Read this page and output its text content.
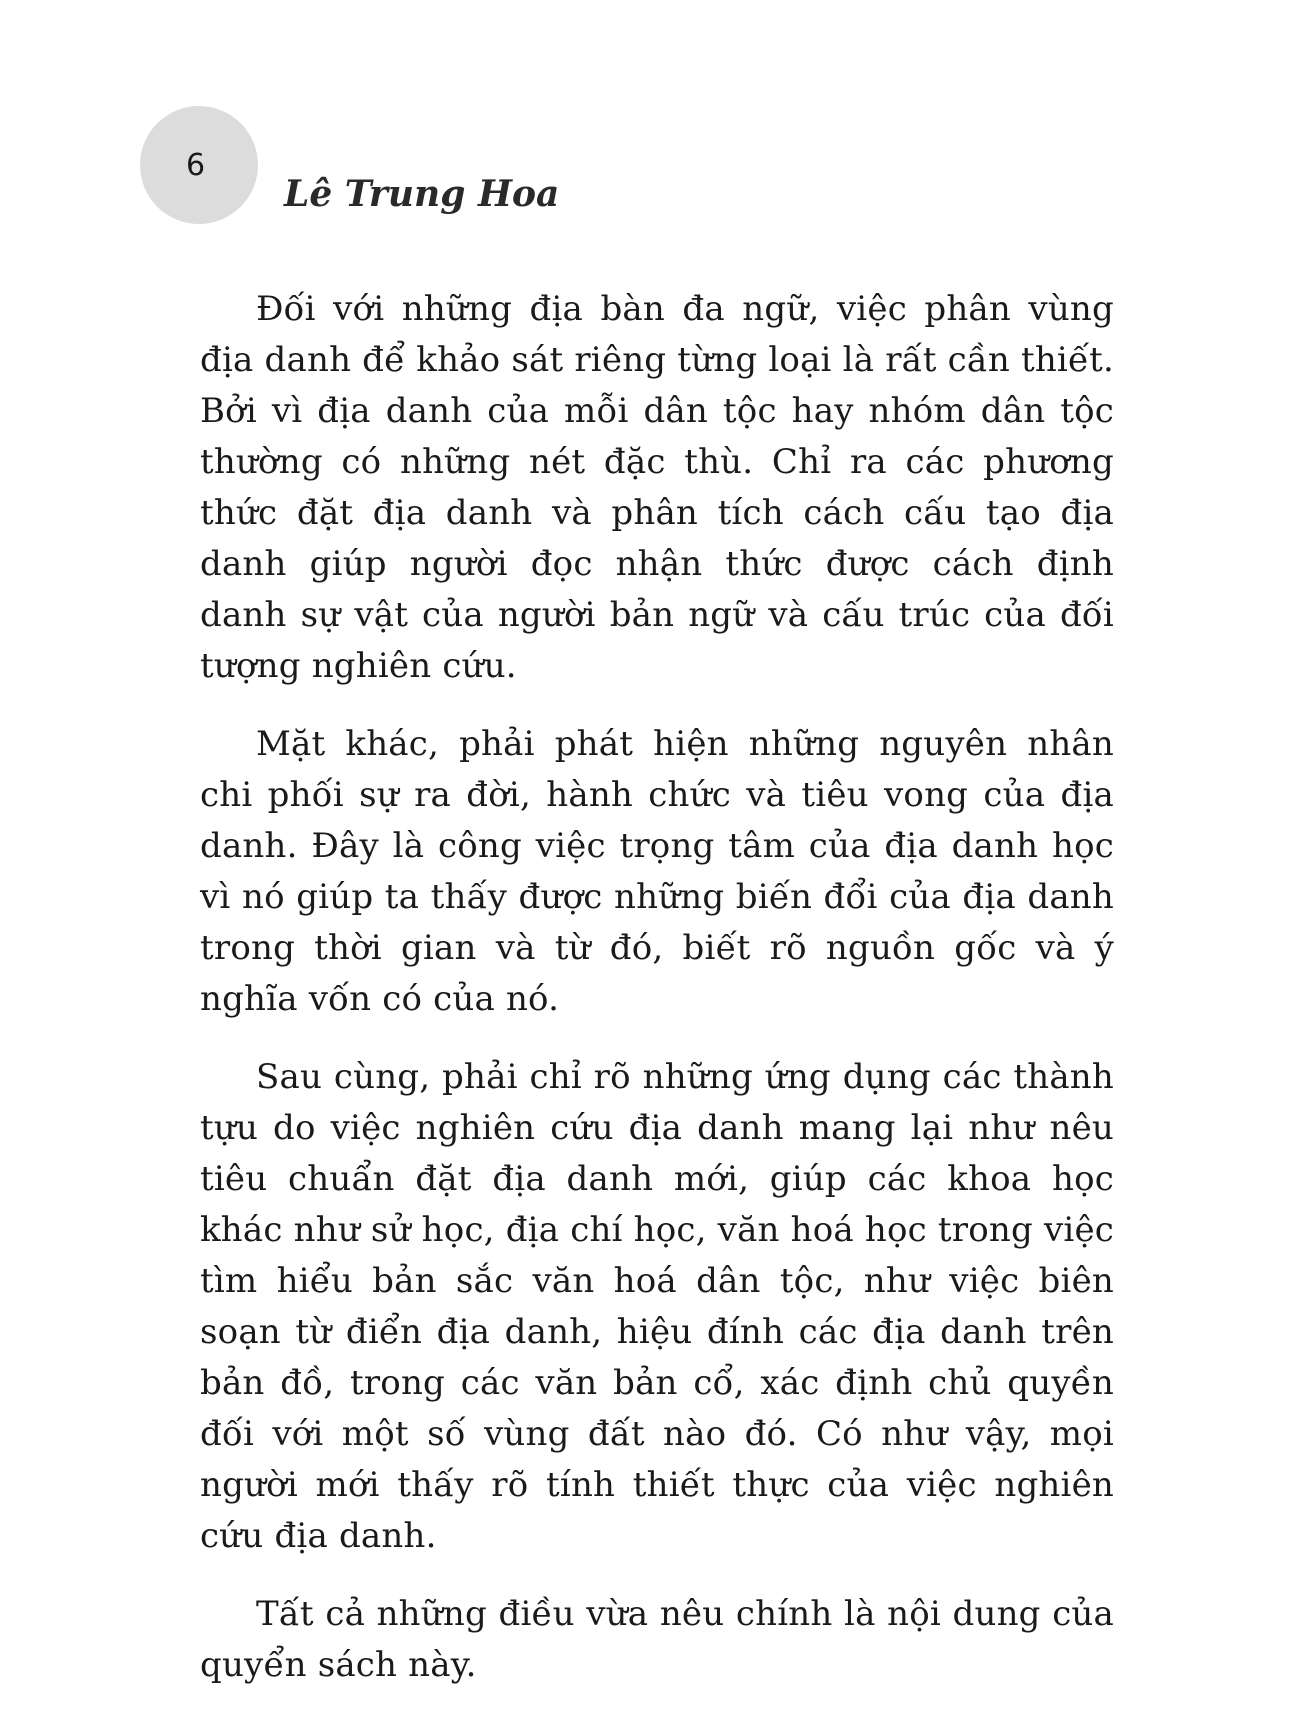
6
Lê Trung Hoa

Đối với những địa bàn đa ngữ, việc phân vùng địa danh để khảo sát riêng từng loại là rất cần thiết. Bởi vì địa danh của mỗi dân tộc hay nhóm dân tộc thường có những nét đặc thù. Chỉ ra các phương thức đặt địa danh và phân tích cách cấu tạo địa danh giúp người đọc nhận thức được cách định danh sự vật của người bản ngữ và cấu trúc của đối tượng nghiên cứu.

Mặt khác, phải phát hiện những nguyên nhân chi phối sự ra đời, hành chức và tiêu vong của địa danh. Đây là công việc trọng tâm của địa danh học vì nó giúp ta thấy được những biến đổi của địa danh trong thời gian và từ đó, biết rõ nguồn gốc và ý nghĩa vốn có của nó.

Sau cùng, phải chỉ rõ những ứng dụng các thành tựu do việc nghiên cứu địa danh mang lại như nêu tiêu chuẩn đặt địa danh mới, giúp các khoa học khác như sử học, địa chí học, văn hoá học trong việc tìm hiểu bản sắc văn hoá dân tộc, như việc biên soạn từ điển địa danh, hiệu đính các địa danh trên bản đồ, trong các văn bản cổ, xác định chủ quyền đối với một số vùng đất nào đó. Có như vậy, mọi người mới thấy rõ tính thiết thực của việc nghiên cứu địa danh.

Tất cả những điều vừa nêu chính là nội dung của quyển sách này.
